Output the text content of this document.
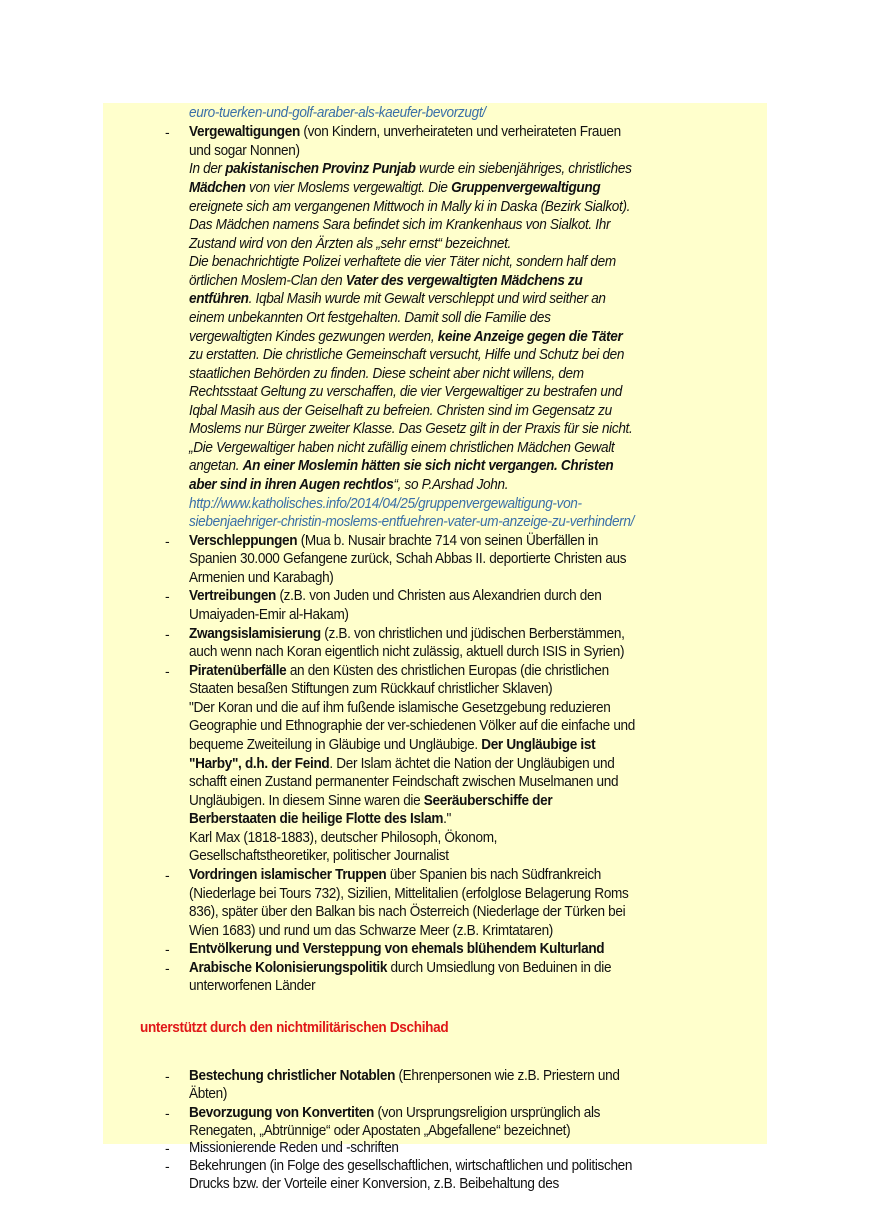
euro-tuerken-und-golf-araber-als-kaeufer-bevorzugt/
- Vergewaltigungen (von Kindern, unverheirateten und verheirateten Frauen
und sogar Nonnen)
In der pakistanischen Provinz Punjab wurde ein siebenjähriges, christliches
Mädchen von vier Moslems vergewaltigt. Die Gruppenvergewaltigung
ereignete sich am vergangenen Mittwoch in Mally ki in Daska (Bezirk Sialkot).
Das Mädchen namens Sara befindet sich im Krankenhaus von Sialkot. Ihr
Zustand wird von den Ärzten als „sehr ernst“ bezeichnet.
Die benachrichtigte Polizei verhaftete die vier Täter nicht, sondern half dem
örtlichen Moslem-Clan den Vater des vergewaltigten Mädchens zu
entführen. Iqbal Masih wurde mit Gewalt verschleppt und wird seither an
einem unbekannten Ort festgehalten. Damit soll die Familie des
vergewaltigten Kindes gezwungen werden, keine Anzeige gegen die Täter
zu erstatten. Die christliche Gemeinschaft versucht, Hilfe und Schutz bei den
staatlichen Behörden zu finden. Diese scheint aber nicht willens, dem
Rechtsstaat Geltung zu verschaffen, die vier Vergewaltiger zu bestrafen und
Iqbal Masih aus der Geiselhaft zu befreien. Christen sind im Gegensatz zu
Moslems nur Bürger zweiter Klasse. Das Gesetz gilt in der Praxis für sie nicht.
„Die Vergewaltiger haben nicht zufällig einem christlichen Mädchen Gewalt
angetan. An einer Moslemin hätten sie sich nicht vergangen. Christen
aber sind in ihren Augen rechtlos“, so P.Arshad John.
http://www.katholisches.info/2014/04/25/gruppenvergewaltigung-von-
siebenjaehriger-christin-moslems-entfuehren-vater-um-anzeige-zu-verhindern/
- Verschleppungen (Mua b. Nusair brachte 714 von seinen Überfällen in
Spanien 30.000 Gefangene zurück, Schah Abbas II. deportierte Christen aus
Armenien und Karabagh)
- Vertreibungen (z.B. von Juden und Christen aus Alexandrien durch den
Umaiyaden-Emir al-Hakam)
- Zwangsislamisierung (z.B. von christlichen und jüdischen Berberstämmen,
auch wenn nach Koran eigentlich nicht zulässig, aktuell durch ISIS in Syrien)
- Piratenüberfälle an den Küsten des christlichen Europas (die christlichen
Staaten besaßen Stiftungen zum Rückkauf christlicher Sklaven)
"Der Koran und die auf ihm fußende islamische Gesetzgebung reduzieren
Geographie und Ethnographie der ver-schiedenen Völker auf die einfache und
bequeme Zweiteilung in Gläubige und Ungläubige. Der Ungläubige ist
"Harby", d.h. der Feind. Der Islam ächtet die Nation der Ungläubigen und
schafft einen Zustand permanenter Feindschaft zwischen Muselmanen und
Ungläubigen. In diesem Sinne waren die Seeräuberschiffe der
Berberstaaten die heilige Flotte des Islam."
Karl Max (1818-1883), deutscher Philosoph, Ökonom,
Gesellschaftstheoretiker, politischer Journalist
- Vordringen islamischer Truppen über Spanien bis nach Südfrankreich
(Niederlage bei Tours 732), Sizilien, Mittelitalien (erfolglose Belagerung Roms
836), später über den Balkan bis nach Österreich (Niederlage der Türken bei
Wien 1683) und rund um das Schwarze Meer (z.B. Krimtataren)
- Entvölkerung und Versteppung von ehemals blühendem Kulturland
- Arabische Kolonisierungspolitik durch Umsiedlung von Beduinen in die
unterworfenen Länder
unterstützt durch den nichtmilitärischen Dschihad
- Bestechung christlicher Notablen (Ehrenpersonen wie z.B. Priestern und
Äbten)
- Bevorzugung von Konvertiten (von Ursprungsreligion ursprünglich als
Renegaten, „Abtrünnige“ oder Apostaten „Abgefallene“ bezeichnet)
- Missionierende Reden und -schriften
- Bekehrungen (in Folge des gesellschaftlichen, wirtschaftlichen und politischen
Drucks bzw. der Vorteile einer Konversion, z.B. Beibehaltung des
